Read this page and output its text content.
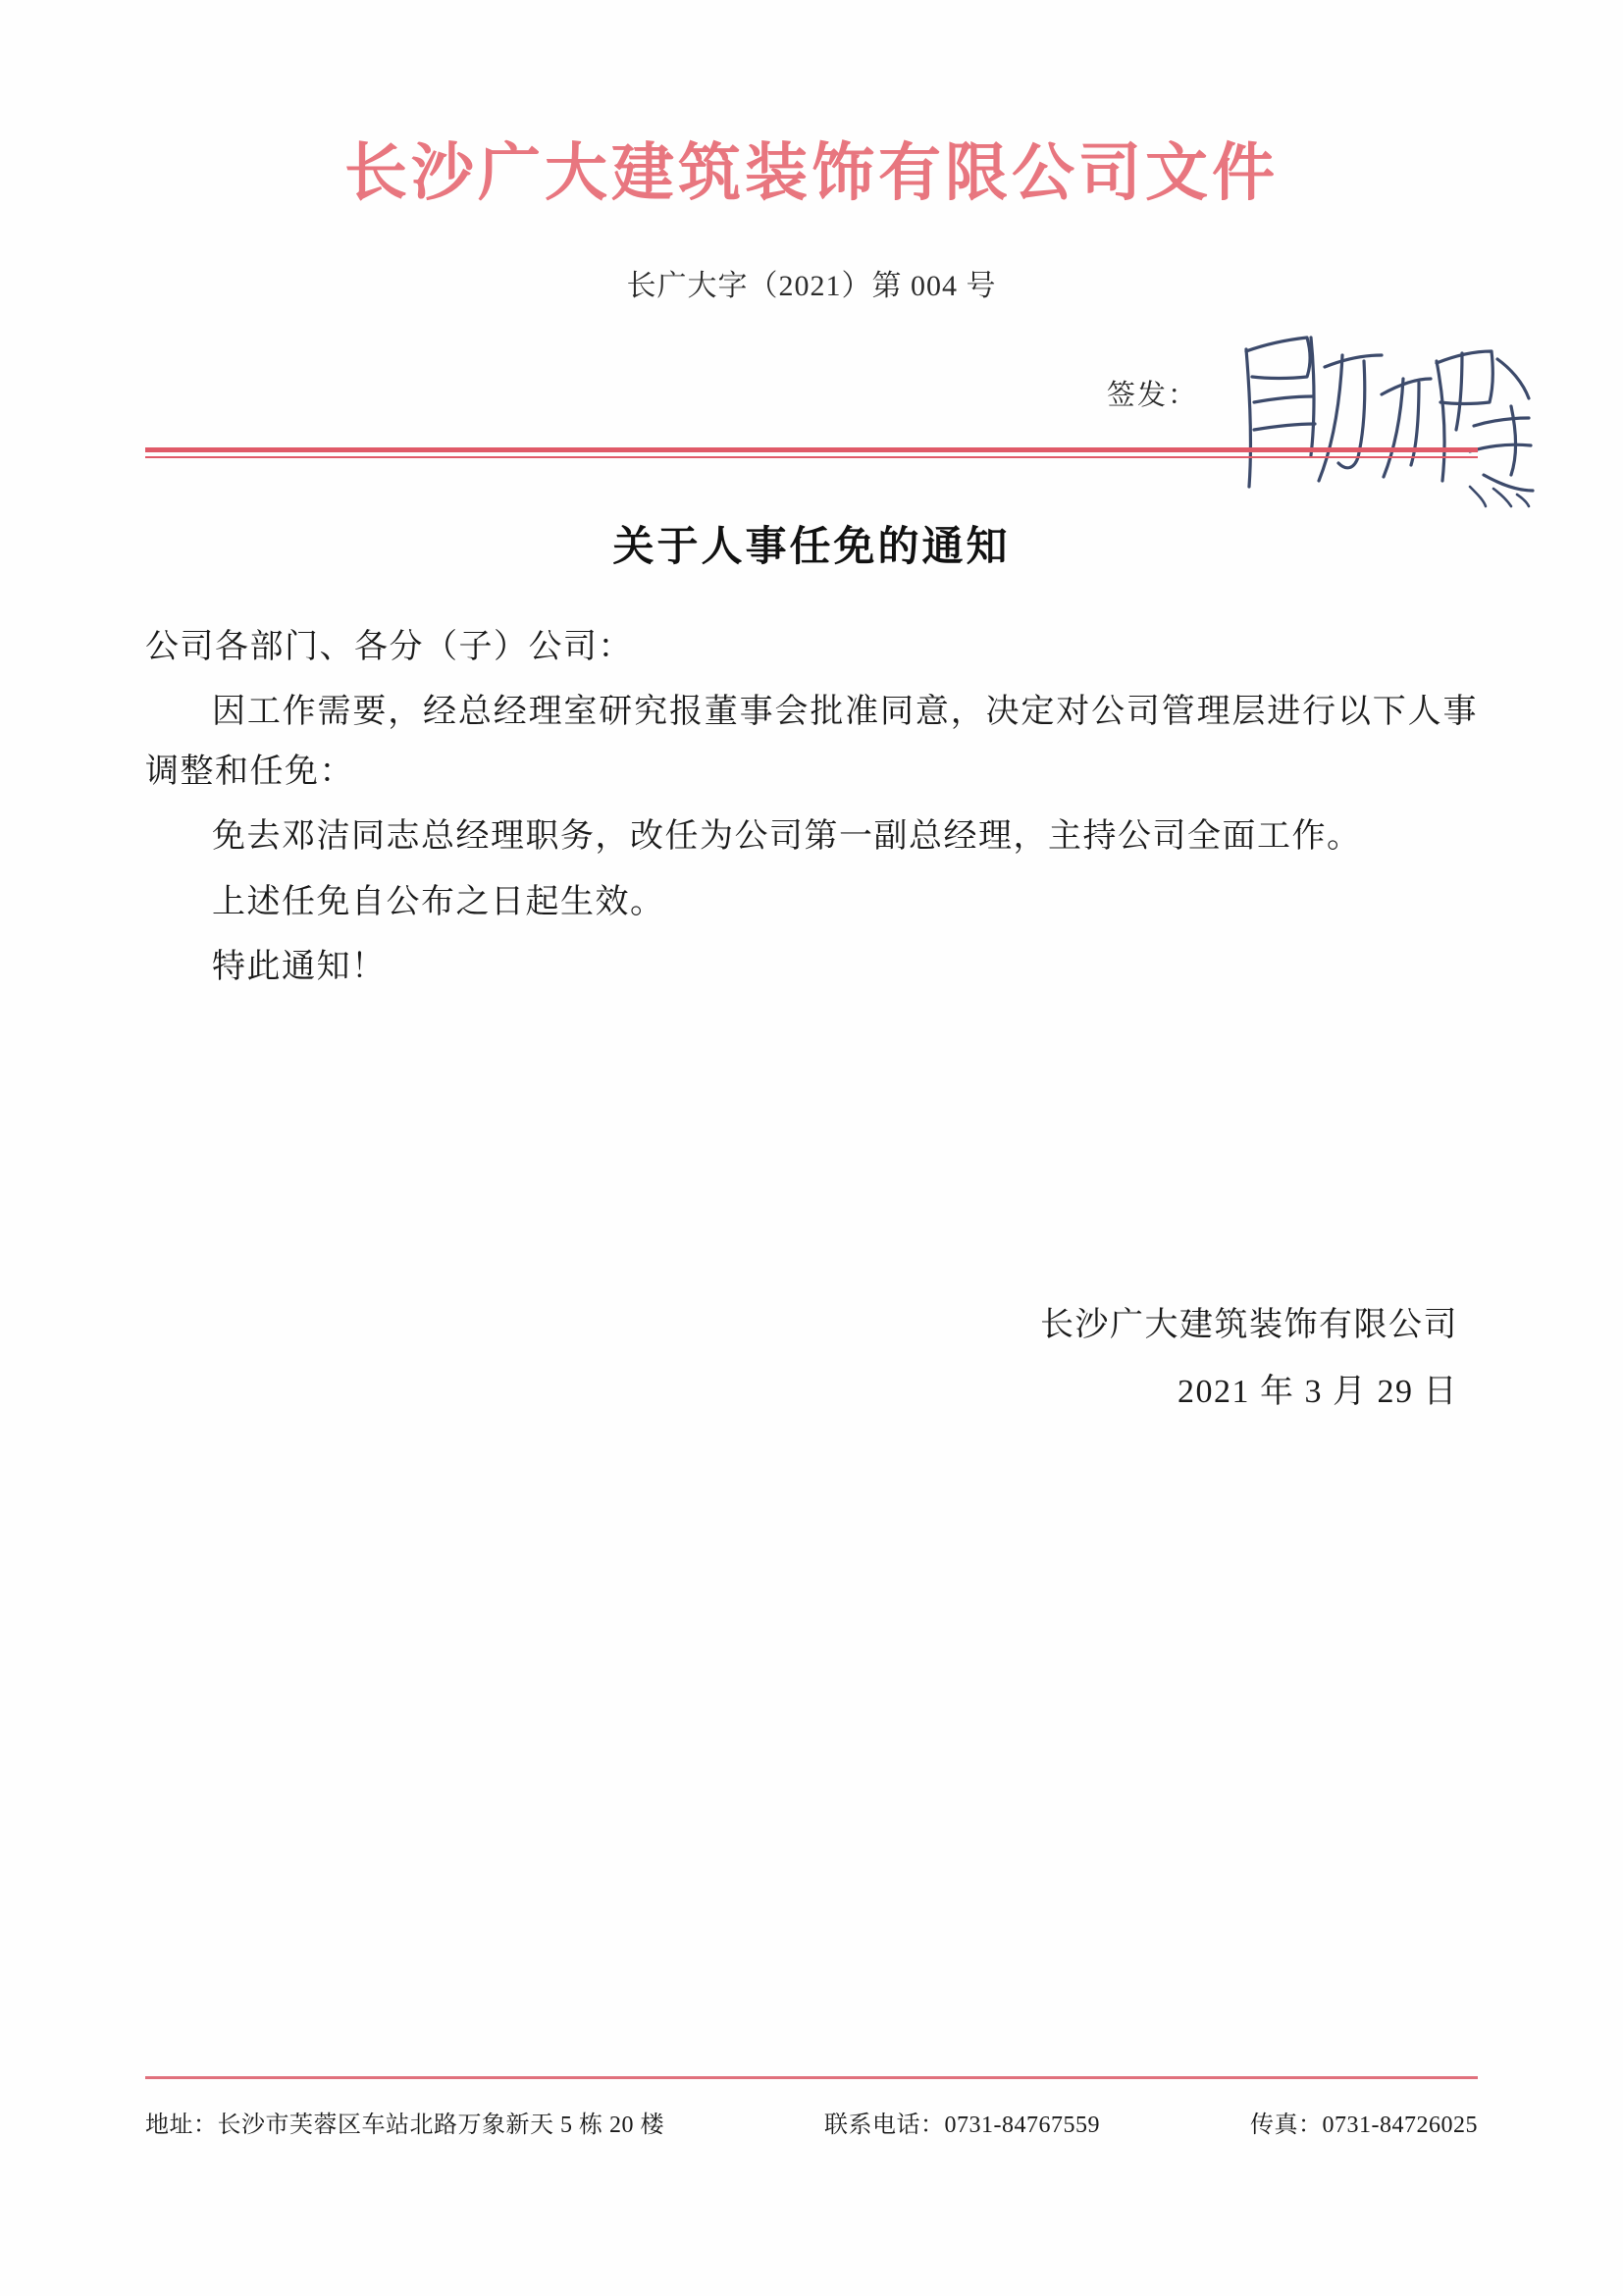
长沙广大建筑装饰有限公司文件
长广大字（2021）第 004 号
签发：
关于人事任免的通知

公司各部门、各分（子）公司：

因工作需要，经总经理室研究报董事会批准同意，决定对公司管理层进行以下人事调整和任免：

免去邓洁同志总经理职务，改任为公司第一副总经理，主持公司全面工作。

上述任免自公布之日起生效。

特此通知！

长沙广大建筑装饰有限公司
2021 年 3 月 29 日
地址：长沙市芙蓉区车站北路万象新天 5 栋 20 楼	联系电话：0731-84767559	传真：0731-84726025
